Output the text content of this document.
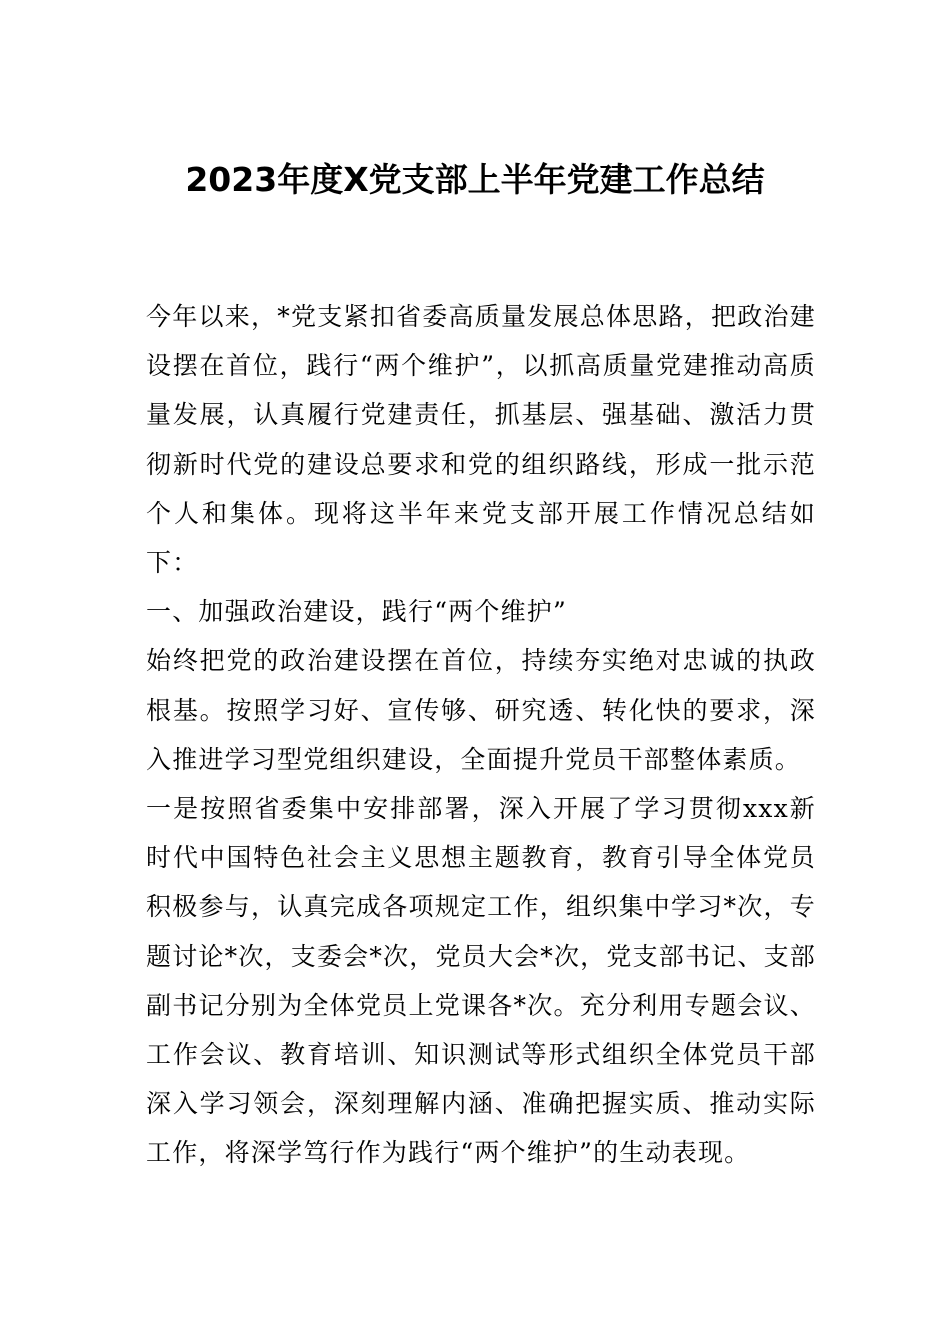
2023年度X党支部上半年党建工作总结

今年以来，*党支紧扣省委高质量发展总体思路，把政治建设摆在首位，践行“两个维护”，以抓高质量党建推动高质量发展，认真履行党建责任，抓基层、强基础、激活力贯彻新时代党的建设总要求和党的组织路线，形成一批示范个人和集体。现将这半年来党支部开展工作情况总结如下：

一、加强政治建设，践行“两个维护”

始终把党的政治建设摆在首位，持续夯实绝对忠诚的执政根基。按照学习好、宣传够、研究透、转化快的要求，深入推进学习型党组织建设，全面提升党员干部整体素质。

一是按照省委集中安排部署，深入开展了学习贯彻xxx新时代中国特色社会主义思想主题教育，教育引导全体党员积极参与，认真完成各项规定工作，组织集中学习*次，专题讨论*次，支委会*次，党员大会*次，党支部书记、支部副书记分别为全体党员上党课各*次。充分利用专题会议、工作会议、教育培训、知识测试等形式组织全体党员干部深入学习领会，深刻理解内涵、准确把握实质、推动实际工作，将深学笃行作为践行“两个维护”的生动表现。
